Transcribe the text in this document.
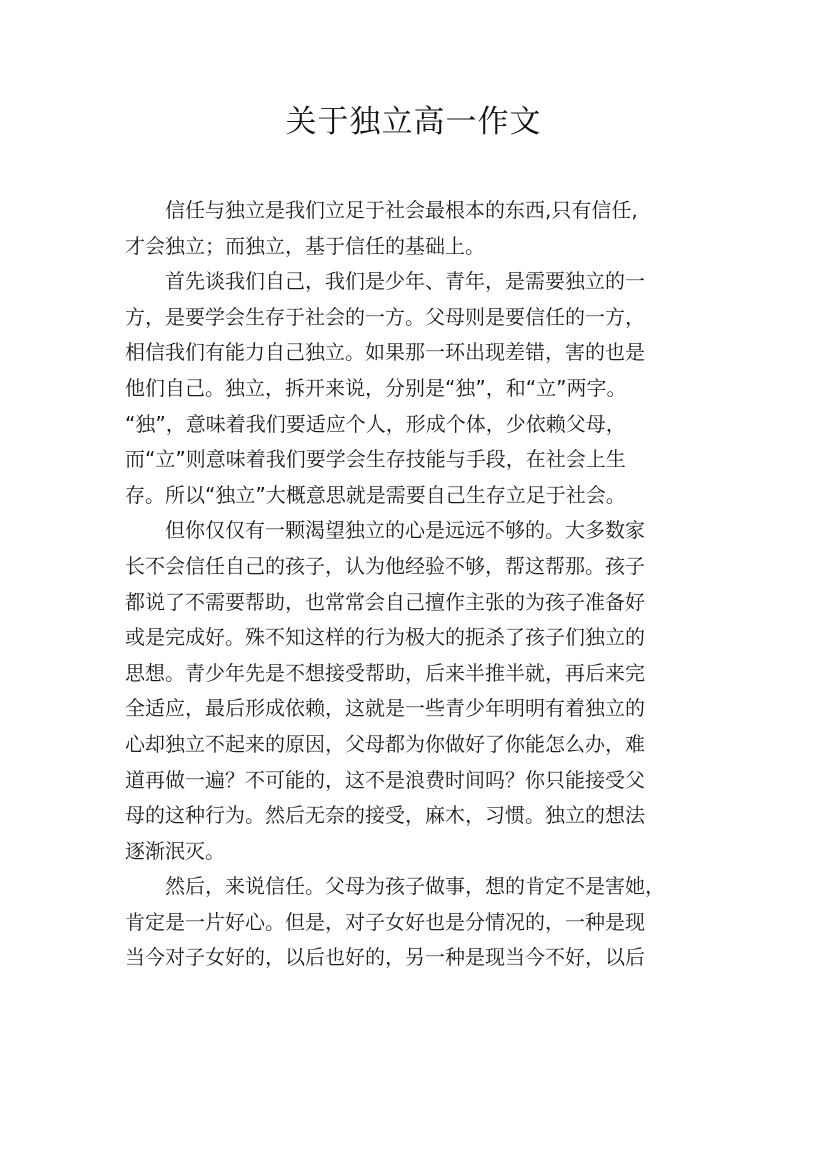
关于独立高一作文
信任与独立是我们立足于社会最根本的东西,只有信任,
才会独立；而独立，基于信任的基础上。
首先谈我们自己，我们是少年、青年，是需要独立的一
方，是要学会生存于社会的一方。父母则是要信任的一方，
相信我们有能力自己独立。如果那一环出现差错，害的也是
他们自己。独立，拆开来说，分别是“独”，和“立”两字。
“独”，意味着我们要适应个人，形成个体，少依赖父母，
而“立”则意味着我们要学会生存技能与手段，在社会上生
存。所以“独立”大概意思就是需要自己生存立足于社会。
但你仅仅有一颗渴望独立的心是远远不够的。大多数家
长不会信任自己的孩子，认为他经验不够，帮这帮那。孩子
都说了不需要帮助，也常常会自己擅作主张的为孩子准备好
或是完成好。殊不知这样的行为极大的扼杀了孩子们独立的
思想。青少年先是不想接受帮助，后来半推半就，再后来完
全适应，最后形成依赖，这就是一些青少年明明有着独立的
心却独立不起来的原因，父母都为你做好了你能怎么办，难
道再做一遍？不可能的，这不是浪费时间吗？你只能接受父
母的这种行为。然后无奈的接受，麻木，习惯。独立的想法
逐渐泯灭。
然后，来说信任。父母为孩子做事，想的肯定不是害她，
肯定是一片好心。但是，对子女好也是分情况的，一种是现
当今对子女好的，以后也好的，另一种是现当今不好，以后
